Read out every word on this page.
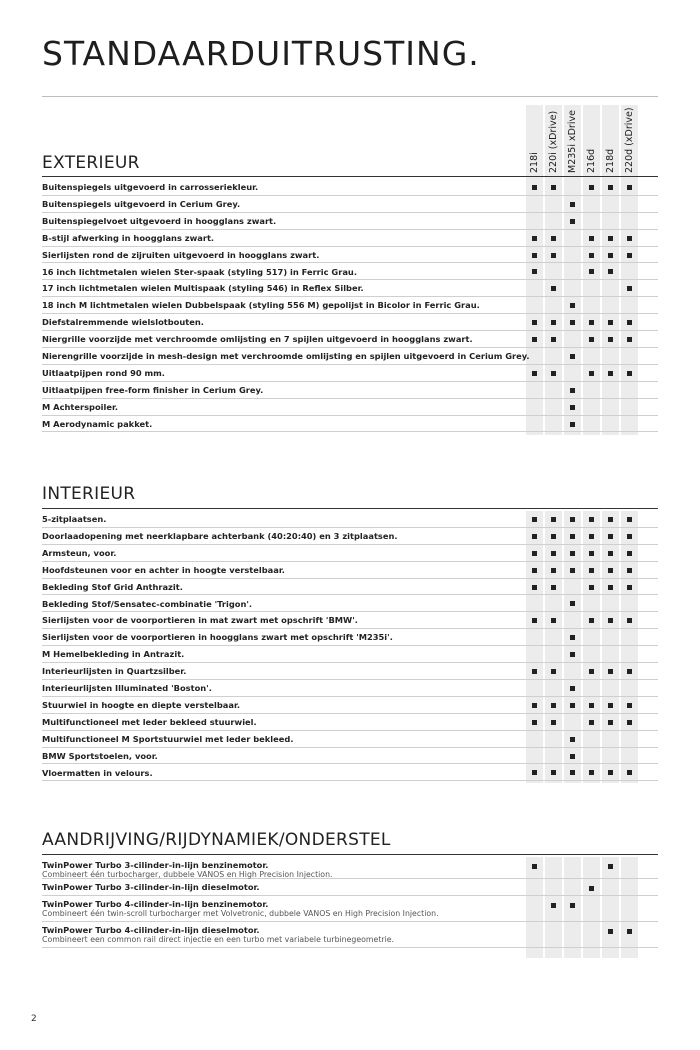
STANDAARDUITRUSTING.
218i 220i (xDrive) M235i xDrive 216d 218d 220d (xDrive)
EXTERIEUR
Buitenspiegels uitgevoerd in carrosseriekleur.
Buitenspiegels uitgevoerd in Cerium Grey.
Buitenspiegelvoet uitgevoerd in hoogglans zwart.
B-stijl afwerking in hoogglans zwart.
Sierlijsten rond de zijruiten uitgevoerd in hoogglans zwart.
16 inch lichtmetalen wielen Ster-spaak (styling 517) in Ferric Grau.
17 inch lichtmetalen wielen Multispaak (styling 546) in Reflex Silber.
18 inch M lichtmetalen wielen Dubbelspaak (styling 556 M) gepolijst in Bicolor in Ferric Grau.
Diefstalremmende wielslotbouten.
Niergrille voorzijde met verchroomde omlijsting en 7 spijlen uitgevoerd in hoogglans zwart.
Nierengrille voorzijde in mesh-design met verchroomde omlijsting en spijlen uitgevoerd in Cerium Grey.
Uitlaatpijpen rond 90 mm.
Uitlaatpijpen free-form finisher in Cerium Grey.
M Achterspoiler.
M Aerodynamic pakket.
INTERIEUR
5-zitplaatsen.
Doorlaadopening met neerklapbare achterbank (40:20:40) en 3 zitplaatsen.
Armsteun, voor.
Hoofdsteunen voor en achter in hoogte verstelbaar.
Bekleding Stof Grid Anthrazit.
Bekleding Stof/Sensatec-combinatie 'Trigon'.
Sierlijsten voor de voorportieren in mat zwart met opschrift 'BMW'.
Sierlijsten voor de voorportieren in hoogglans zwart met opschrift 'M235i'.
M Hemelbekleding in Antrazit.
Interieurlijsten in Quartzsilber.
Interieurlijsten Illuminated 'Boston'.
Stuurwiel in hoogte en diepte verstelbaar.
Multifunctioneel met leder bekleed stuurwiel.
Multifunctioneel M Sportstuurwiel met leder bekleed.
BMW Sportstoelen, voor.
Vloermatten in velours.
AANDRIJVING/RIJDYNAMIEK/ONDERSTEL
TwinPower Turbo 3-cilinder-in-lijn benzinemotor.
Combineert één turbocharger, dubbele VANOS en High Precision Injection.
TwinPower Turbo 3-cilinder-in-lijn dieselmotor.
TwinPower Turbo 4-cilinder-in-lijn benzinemotor.
Combineert één twin-scroll turbocharger met Volvetronic, dubbele VANOS en High Precision Injection.
TwinPower Turbo 4-cilinder-in-lijn dieselmotor.
Combineert een common rail direct injectie en een turbo met variabele turbinegeometrie.
2
